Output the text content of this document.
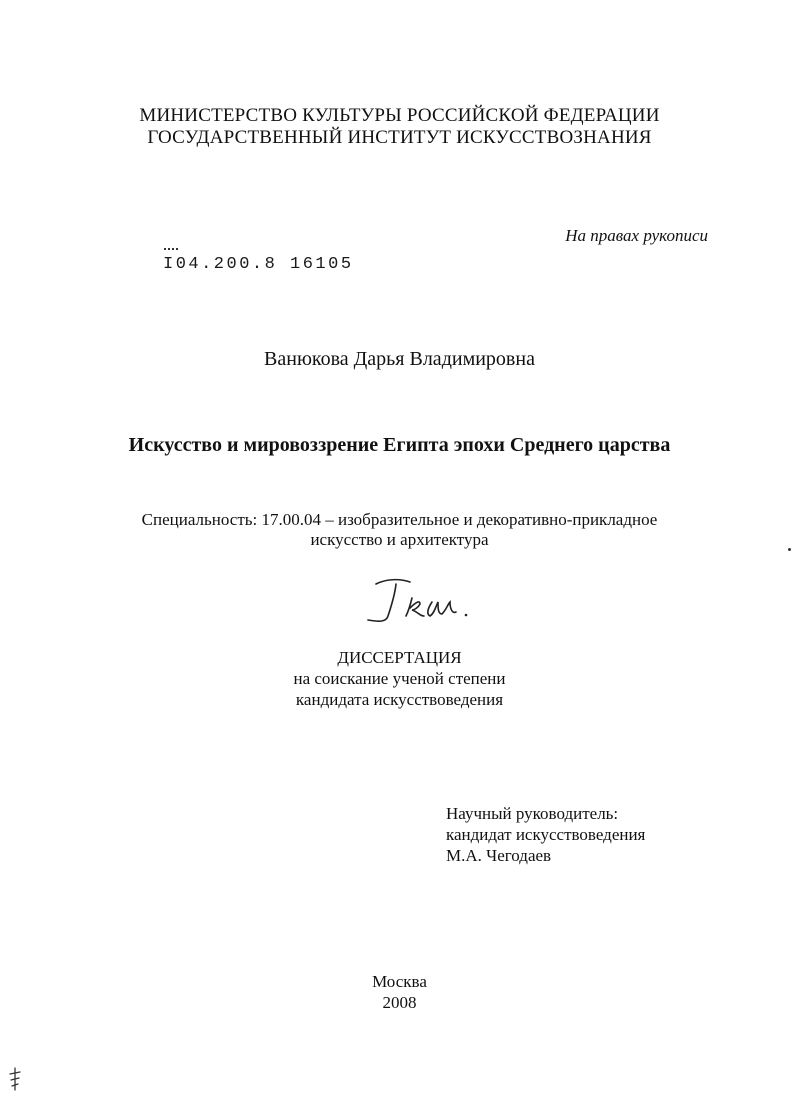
МИНИСТЕРСТВО КУЛЬТУРЫ РОССИЙСКОЙ ФЕДЕРАЦИИ
ГОСУДАРСТВЕННЫЙ ИНСТИТУТ ИСКУССТВОЗНАНИЯ
На правах рукописи
I04.200.8 16105
Ванюкова Дарья Владимировна
Искусство и мировоззрение Египта эпохи Среднего царства
Специальность: 17.00.04 – изобразительное и декоративно-прикладное
искусство и архитектура
ДИССЕРТАЦИЯ
на соискание ученой степени
кандидата искусствоведения
Научный руководитель:
кандидат искусствоведения
М.А. Чегодаев
Москва
2008
